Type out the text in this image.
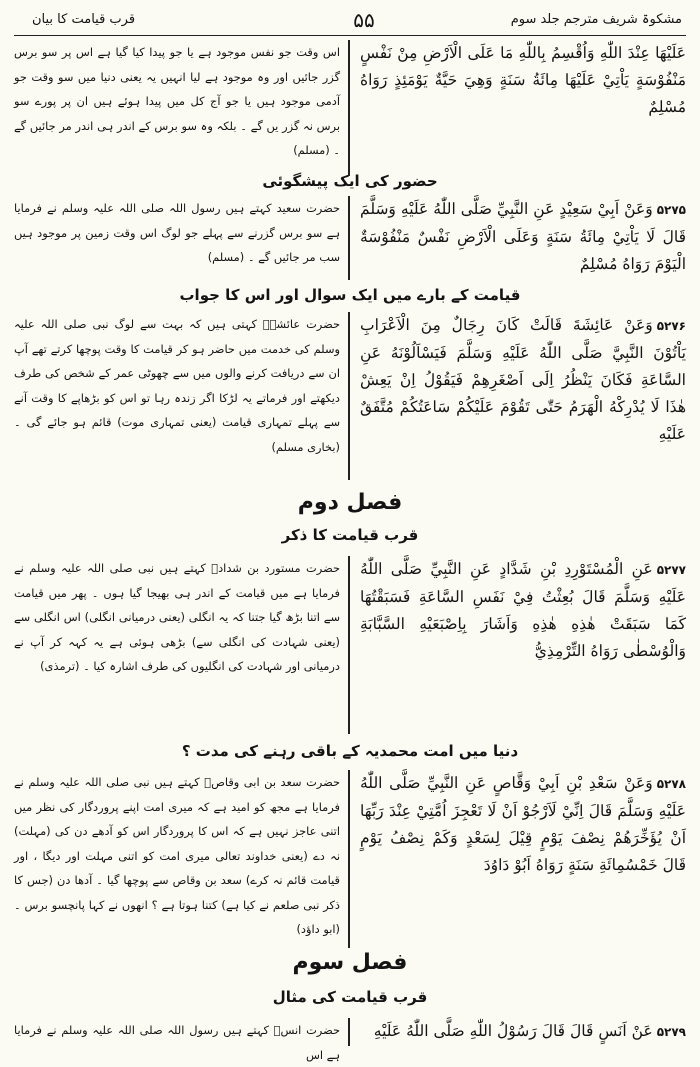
مشکوۃ شریف مترجم جلد سوم
۵۵
قرب قیامت کا بیان
عَلَيْهَا عِنْدَ اللّٰهِ وَاُقْسِمُ بِاللّٰهِ مَا عَلَى الْاَرْضِ مِنْ نَفْسٍ مَنْفُوْسَةٍ يَاْتِيْ عَلَيْهَا مِائَةُ سَنَةٍ وَهِيَ حَيَّةٌ يَوْمَئِذٍ رَوَاهُ مُسْلِمٌ
اس وقت جو نفس موجود ہے یا جو پیدا کیا گیا ہے اس پر سو برس گزر جائیں اور وہ موجود ہے لیا انہیں یہ یعنی دنیا میں سو وقت جو آدمی موجود ہیں یا جو آج کل میں پیدا ہوئے ہیں ان پر پورے سو برس نہ گزر یں گے ۔ بلکہ وہ سو برس کے اندر ہی اندر مر جائیں گے ۔ (مسلم)
حضور کی ایک پیشگوئی
۵۲۷۵وَعَنْ اَبِيْ سَعِيْدٍ عَنِ النَّبِيِّ صَلَّى اللّٰهُ عَلَيْهِ وَسَلَّمَ قَالَ لَا يَاْتِيْ مِائَةُ سَنَةٍ وَعَلَى الْاَرْضِ نَفْسٌ مَنْفُوْسَةٌ الْيَوْمَ رَوَاهُ مُسْلِمٌ
حضرت سعید کہتے ہیں رسول اللہ صلی اللہ علیہ وسلم نے فرمایا ہے سو برس گزرنے سے پہلے جو لوگ اس وقت زمین پر موجود ہیں سب مر جائیں گے ۔ (مسلم)
قیامت کے بارے میں ایک سوال اور اس کا جواب
۵۲۷۶وَعَنْ عَائِشَةَ قَالَتْ كَانَ رِجَالٌ مِنَ الْاَعْرَابِ يَاْتُوْنَ النَّبِيَّ صَلَّى اللّٰهُ عَلَيْهِ وَسَلَّمَ فَيَسْاَلُوْنَهُ عَنِ السَّاعَةِ فَكَانَ يَنْظُرُ اِلَى اَصْغَرِهِمْ فَيَقُوْلُ اِنْ يَعِشْ هٰذَا لَا يُدْرِكْهُ الْهَرَمُ حَتّٰى تَقُوْمَ عَلَيْكُمْ سَاعَتُكُمْ مُتَّفَقٌ عَلَيْهِ
حضرت عائشہؓ کہتی ہیں کہ بہت سے لوگ نبی صلی اللہ علیہ وسلم کی خدمت میں حاضر ہو کر قیامت کا وقت پوچھا کرتے تھے آپ ان سے دریافت کرنے والوں میں سے چھوٹی عمر کے شخص کی طرف دیکھتے اور فرماتے یہ لڑکا اگر زندہ رہا تو اس کو بڑھاپے کا وقت آنے سے پہلے تمہاری قیامت (یعنی تمہاری موت) قائم ہو جائے گی ۔ (بخاری مسلم)
فصل دوم
قرب قیامت کا ذکر
۵۲۷۷عَنِ الْمُسْتَوْرِدِ بْنِ شَدَّادٍ عَنِ النَّبِيِّ صَلَّى اللّٰهُ عَلَيْهِ وَسَلَّمَ قَالَ بُعِثْتُ فِيْ نَفَسِ السَّاعَةِ فَسَبَقْتُهَا كَمَا سَبَقَتْ هٰذِهِ هٰذِهِ وَاَشَارَ بِاِصْبَعَيْهِ السَّبَّابَةِ وَالْوُسْطٰى رَوَاهُ التِّرْمِذِيُّ
حضرت مستورد بن شدادؓ کہتے ہیں نبی صلی اللہ علیہ وسلم نے فرمایا ہے میں قیامت کے اندر ہی بھیجا گیا ہوں ۔ پھر میں قیامت سے اتنا بڑھ گیا جتنا کہ یہ انگلی (یعنی درمیانی انگلی) اس انگلی سے (یعنی شہادت کی انگلی سے) بڑھی ہوئی ہے یہ کہہ کر آپ نے درمیانی اور شہادت کی انگلیوں کی طرف اشارہ کیا ۔ (ترمذی)
دنیا میں امت محمدیہ کے باقی رہنے کی مدت ؟
۵۲۷۸وَعَنْ سَعْدِ بْنِ اَبِيْ وَقَّاصٍ عَنِ النَّبِيِّ صَلَّى اللّٰهُ عَلَيْهِ وَسَلَّمَ قَالَ اِنِّيْ لَاَرْجُوْ اَنْ لَا تَعْجِزَ اُمَّتِيْ عِنْدَ رَبِّهَا اَنْ يُؤَخِّرَهُمْ نِصْفَ يَوْمٍ قِيْلَ لِسَعْدٍ وَكَمْ نِصْفُ يَوْمٍ قَالَ خَمْسُمِائَةِ سَنَةٍ رَوَاهُ اَبُوْ دَاوُدَ
حضرت سعد بن ابی وقاصؓ کہتے ہیں نبی صلی اللہ علیہ وسلم نے فرمایا ہے مجھ کو امید ہے کہ میری امت اپنے پروردگار کی نظر میں اتنی عاجز نہیں ہے کہ اس کا پروردگار اس کو آدھے دن کی (مہلت) نہ دے (یعنی خداوند تعالی میری امت کو اتنی مہلت اور دیگا ، اور قیامت قائم نہ کرے) سعد بن وقاص سے پوچھا گیا ۔ آدھا دن (جس کا ذکر نبی صلعم نے کیا ہے) کتنا ہوتا ہے ؟ انھوں نے کہا پانچسو برس ۔ (ابو داؤد)
فصل سوم
قرب قیامت کی مثال
۵۲۷۹عَنْ اَنَسٍ قَالَ قَالَ رَسُوْلُ اللّٰهِ صَلَّى اللّٰهُ عَلَيْهِ
حضرت انسؓ کہتے ہیں رسول اللہ صلی اللہ علیہ وسلم نے فرمایا ہے اس
